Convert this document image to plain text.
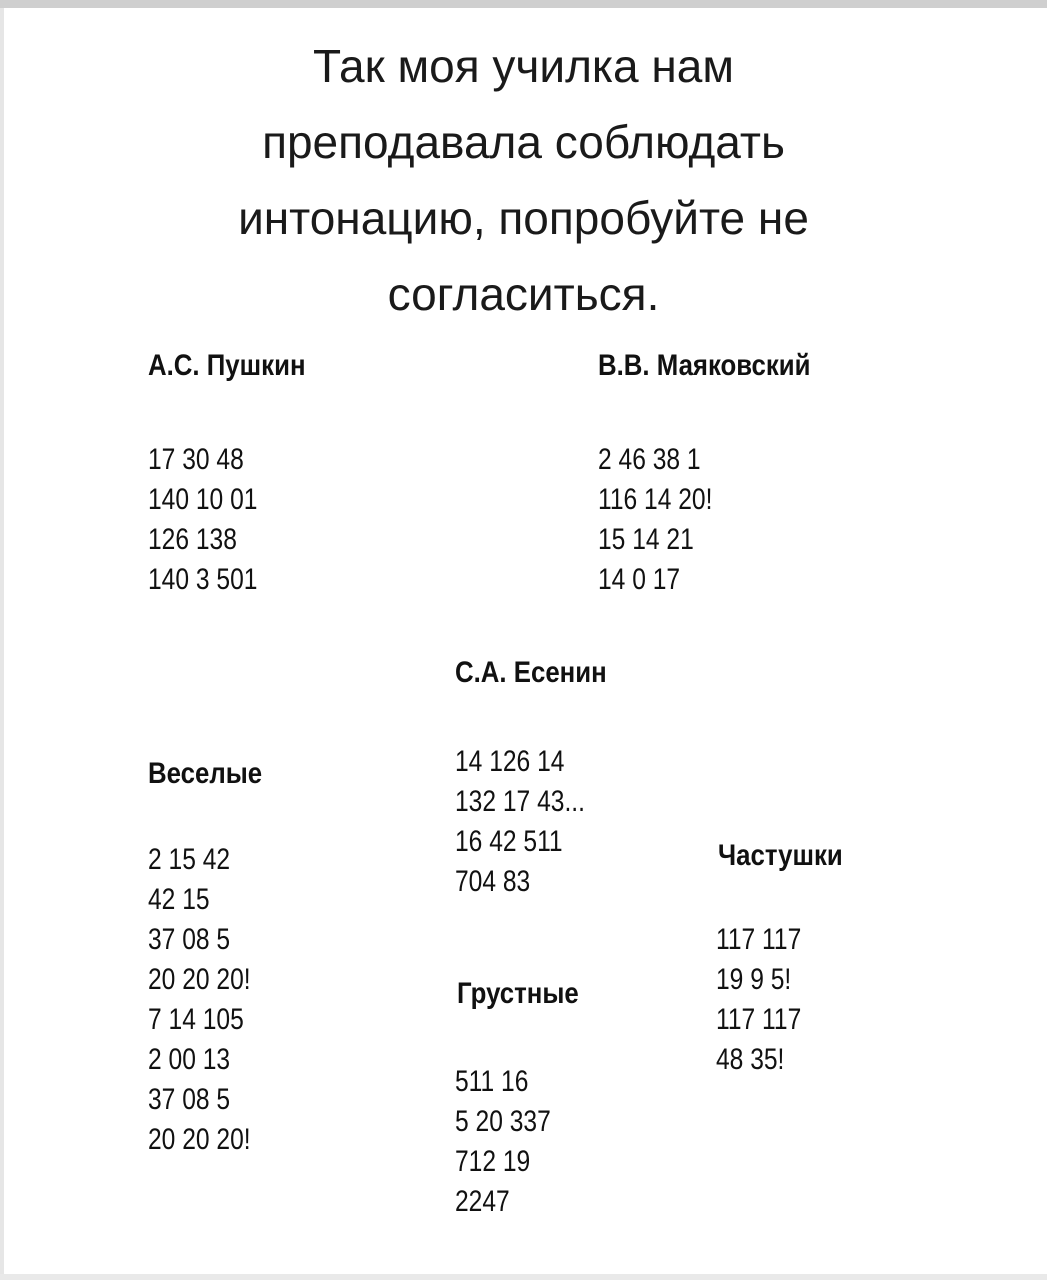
Так моя училка нам
преподавала соблюдать
интонацию, попробуйте не
согласиться.
А.С. Пушкин
17 30 48
140 10 01
126 138
140 3 501
В.В. Маяковский
2 46 38 1
116 14 20!
15 14 21
14 0 17
С.А. Есенин
14 126 14
132 17 43...
16 42 511
704 83
Веселые
2 15 42
42 15
37 08 5
20 20 20!
7 14 105
2 00 13
37 08 5
20 20 20!
Частушки
117 117
19 9 5!
117 117
48 35!
Грустные
511 16
5 20 337
712 19
2247
